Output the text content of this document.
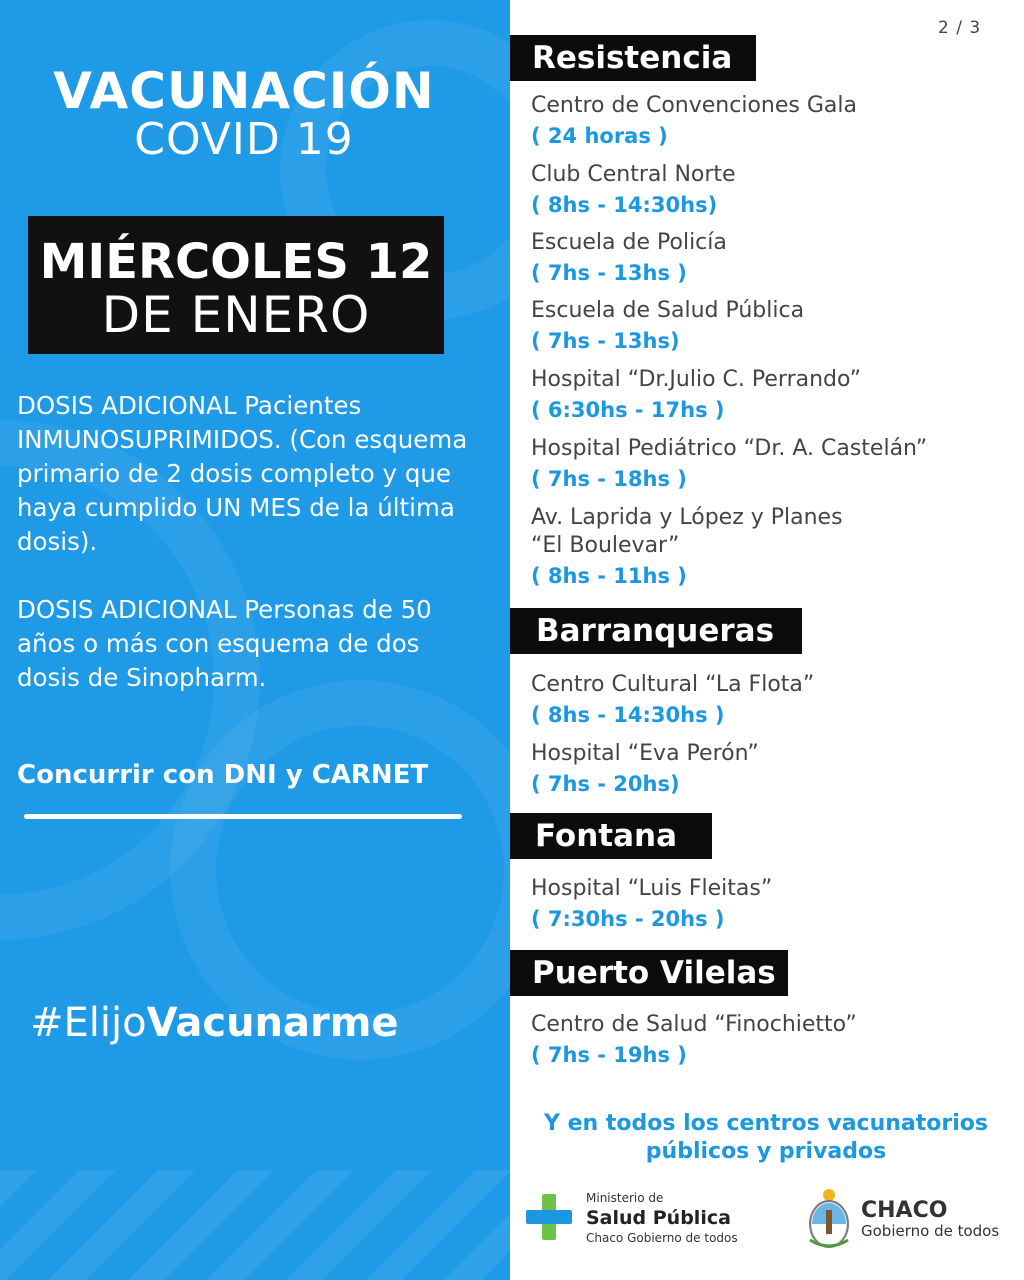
VACUNACIÓN
COVID 19
MIÉRCOLES 12
DE ENERO
DOSIS ADICIONAL Pacientes INMUNOSUPRIMIDOS. (Con esquema primario de 2 dosis completo y que haya cumplido UN MES de la última dosis).
DOSIS ADICIONAL Personas de 50 años o más con esquema de dos dosis de Sinopharm.
Concurrir con DNI y CARNET
#ElijoVacunarme
2 / 3
Resistencia
Centro de Convenciones Gala
( 24 horas )
Club Central Norte
( 8hs - 14:30hs)
Escuela de Policía
( 7hs - 13hs )
Escuela de Salud Pública
( 7hs - 13hs)
Hospital “Dr.Julio C. Perrando”
( 6:30hs - 17hs )
Hospital Pediátrico “Dr. A. Castelán”
( 7hs - 18hs )
Av. Laprida y López y Planes
“El Boulevar”
( 8hs - 11hs )
Barranqueras
Centro Cultural “La Flota”
( 8hs - 14:30hs )
Hospital “Eva Perón”
( 7hs - 20hs)
Fontana
Hospital “Luis Fleitas”
( 7:30hs - 20hs )
Puerto Vilelas
Centro de Salud “Finochietto”
( 7hs - 19hs )
Y en todos los centros vacunatorios
públicos y privados
Ministerio de
Salud Pública
Chaco Gobierno de todos
CHACO
Gobierno de todos
